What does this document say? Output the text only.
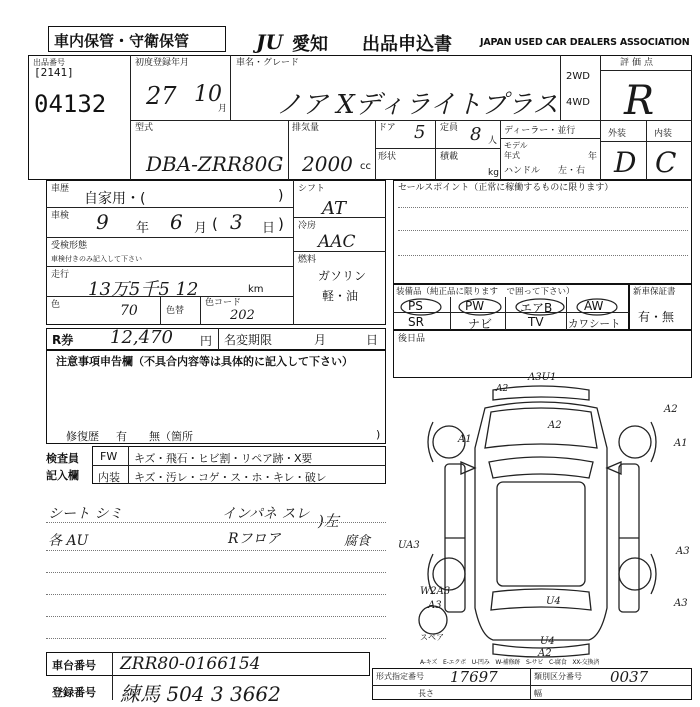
車内保管・守衛保管	JU 愛知 出品申込書	JAPAN USED CAR DEALERS ASSOCIATION
出品番号
[2141]
04132
初度登録年月
27 10
月
車名・グレード
ノア Xディライトプラス
2WD
4WD
評価点
R
型式
DBA-ZRR80G
排気量
2000 cc
ドア 5
形状
定員 8 人
積載
kg
ディーラー・並行
モデル年式	年
ハンドル 左・右
外装	内装
D C
車歴
自家用・(	)
車検 9 年 6 月 ( 3 日 )
受検形態
車検付きのみ記入して下さい
走行
13万5千5 12	km
色	70	色替
色コード
202
シフト
AT
冷房
AAC
燃料
ガソリン
軽・油
セールスポイント（正常に稼働するものに限ります）
装備品（純正品に限ります　で囲って下さい）
PS	PW	エアB	AW
SR	ナビ	TV カワシート
新車保証書
有・無
後日品
R券 12,470 円 名変期限	月	日
注意事項申告欄（不具合内容等は具体的に記入して下さい）
修復歴 有　　無（箇所	)
検査員
記入欄
FW キズ・飛石・ヒビ割・リペア跡・X要
内装 キズ・汚レ・コゲ・ス・ホ・キレ・破レ
シート シミ	インパネ スレ )左
各 AU	Rフロア	腐食
A3U1
A2
A1
A2
A1
UA3
U4
A3
W2A3
A3	A3
U4
A2
A2
スペア
A-キズ　E-エクボ　U-凹み　W-補修跡　S-サビ　C-腐食　XX-交換済
車台番号 ZRR80-0166154
登録番号 練馬 504 3 3662
形式指定番号 17697	類別区分番号 0037
長さ	幅
